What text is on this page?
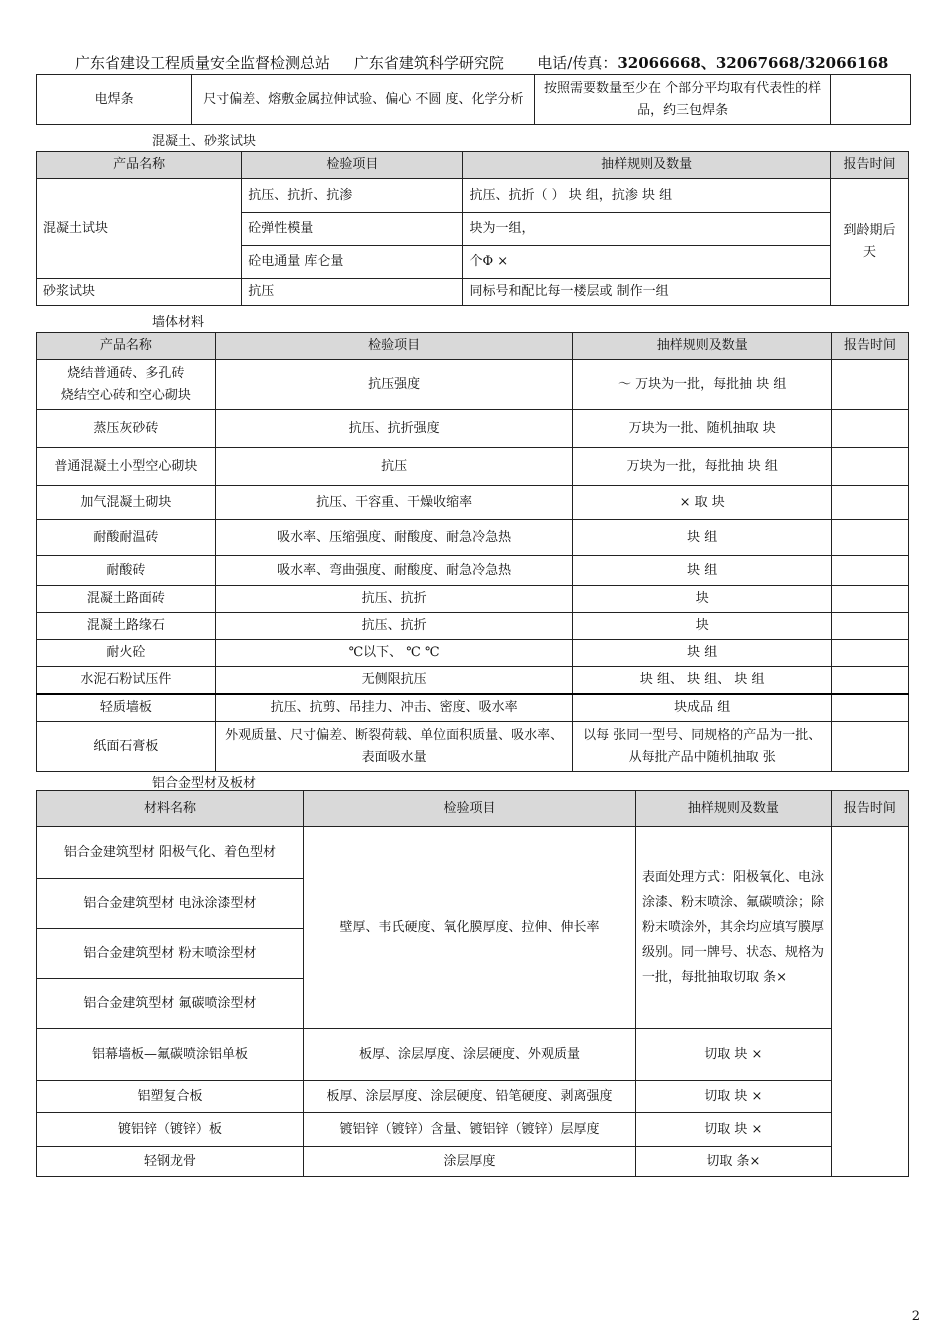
广东省建设工程质量安全监督检测总站 广东省建筑科学研究院 电话/传真：32066668、32067668/32066168
电焊条	尺寸偏差、熔敷金属拉伸试验、偏心 不圆 度、化学分析	按照需要数量至少在 个部分平均取有代表性的样品，约三包焊条	
混凝土、砂浆试块
产品名称	检验项目	抽样规则及数量	报告时间
混凝土试块	抗压、抗折、抗渗	抗压、抗折（ ） 块 组，抗渗 块 组	到龄期后 天
	砼弹性模量	块为一组，	
	砼电通量 库仑量	个Φ ×	
砂浆试块	抗压	同标号和配比每一楼层或 制作一组	
墙体材料
产品名称	检验项目	抽样规则及数量	报告时间
烧结普通砖、多孔砖
烧结空心砖和空心砌块	抗压强度	～ 万块为一批，每批抽 块 组	
蒸压灰砂砖	抗压、抗折强度	万块为一批、随机抽取 块	
普通混凝土小型空心砌块	抗压	万块为一批，每批抽 块 组	
加气混凝土砌块	抗压、干容重、干燥收缩率	× 取 块	
耐酸耐温砖	吸水率、压缩强度、耐酸度、耐急冷急热	块 组	
耐酸砖	吸水率、弯曲强度、耐酸度、耐急冷急热	块 组	
混凝土路面砖	抗压、抗折	块	
混凝土路缘石	抗压、抗折	块	
耐火砼	℃以下、 ℃ ℃	块 组	
水泥石粉试压件	无侧限抗压	块 组、 块 组、 块 组	
轻质墙板	抗压、抗剪、吊挂力、冲击、密度、吸水率	块成品 组	
纸面石膏板	外观质量、尺寸偏差、断裂荷载、单位面积质量、吸水率、表面吸水量	以每 张同一型号、同规格的产品为一批、从每批产品中随机抽取 张	
铝合金型材及板材
材料名称	检验项目	抽样规则及数量	报告时间
铝合金建筑型材 阳极气化、着色型材	壁厚、韦氏硬度、氧化膜厚度、拉伸、伸长率	表面处理方式：阳极氧化、电泳涂漆、粉末喷涂、氟碳喷涂；除粉末喷涂外，其余均应填写膜厚级别。同一牌号、状态、规格为一批，每批抽取切取 条×	
铝合金建筑型材 电泳涂漆型材			
铝合金建筑型材 粉末喷涂型材			
铝合金建筑型材 氟碳喷涂型材			
铝幕墙板—氟碳喷涂铝单板	板厚、涂层厚度、涂层硬度、外观质量	切取 块 ×	
铝塑复合板	板厚、涂层厚度、涂层硬度、铅笔硬度、剥离强度	切取 块 ×	
镀铝锌（镀锌）板	镀铝锌（镀锌）含量、镀铝锌（镀锌）层厚度	切取 块 ×	
轻钢龙骨	涂层厚度	切取 条×	
2
